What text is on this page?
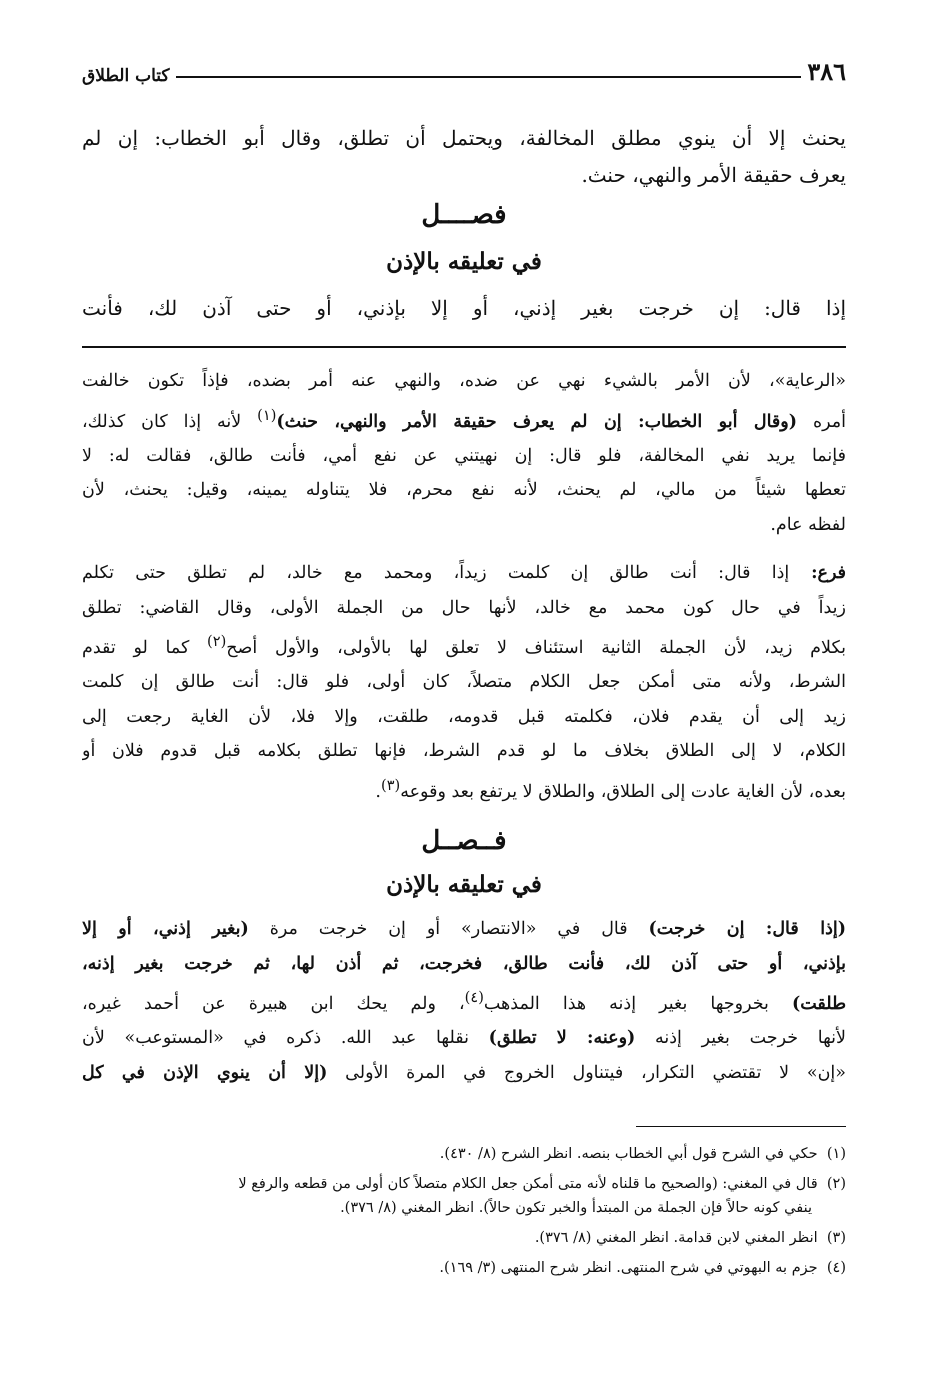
٣٨٦
كتاب الطلاق
يحنث إلا أن ينوي مطلق المخالفة، ويحتمل أن تطلق، وقال أبو الخطاب: إن لم
يعرف حقيقة الأمر والنهي، حنث.
فصــــل
في تعليقه بالإذن
إذا قال: إن خرجت بغير إذني، أو إلا بإذني، أو حتى آذن لك، فأنت
«الرعاية»، لأن الأمر بالشيء نهي عن ضده، والنهي عنه أمر بضده، فإذاً تكون خالفت
أمره (وقال أبو الخطاب: إن لم يعرف حقيقة الأمر والنهي، حنث)$^{(١)}$ لأنه إذا كان كذلك،
فإنما يريد نفي المخالفة، فلو قال: إن نهيتني عن نفع أمي، فأنت طالق، فقالت له: لا
تعطها شيئاً من مالي، لم يحنث، لأنه نفع محرم، فلا يتناوله يمينه، وقيل: يحنث، لأن
لفظه عام.
فرع: إذا قال: أنت طالق إن كلمت زيداً، ومحمد مع خالد، لم تطلق حتى تكلم
زيداً في حال كون محمد مع خالد، لأنها حال من الجملة الأولى، وقال القاضي: تطلق
بكلام زيد، لأن الجملة الثانية استئناف لا تعلق لها بالأولى، والأول أصح$^{(٢)}$ كما لو تقدم
الشرط، ولأنه متى أمكن جعل الكلام متصلاً، كان أولى، فلو قال: أنت طالق إن كلمت
زيد إلى أن يقدم فلان، فكلمته قبل قدومه، طلقت، وإلا فلا، لأن الغاية رجعت إلى
الكلام، لا إلى الطلاق بخلاف ما لو قدم الشرط، فإنها تطلق بكلامه قبل قدوم فلان أو
بعده، لأن الغاية عادت إلى الطلاق، والطلاق لا يرتفع بعد وقوعه$^{(٣)}$.
فــصــل
في تعليقه بالإذن
(إذا قال: إن خرجت) قال في «الانتصار» أو إن خرجت مرة (بغير إذني، أو إلا
بإذني، أو حتى آذن لك، فأنت طالق، فخرجت، ثم أذن لها، ثم خرجت بغير إذنه،
طلقت) بخروجها بغير إذنه هذا المذهب$^{(٤)}$، ولم يحك ابن هبيرة عن أحمد غيره،
لأنها خرجت بغير إذنه (وعنه: لا تطلق) نقلها عبد الله. ذكره في «المستوعب» لأن
«إن» لا تقتضي التكرار، فيتناول الخروج في المرة الأولى (إلا أن ينوي الإذن في كل
(١)  حكي في الشرح قول أبي الخطاب بنصه. انظر الشرح (٨/ ٤٣٠).
(٢)  قال في المغني: (والصحيح ما قلناه لأنه متى أمكن جعل الكلام متصلاً كان أولى من قطعه والرفع لا
ينفي كونه حالاً فإن الجملة من المبتدأ والخبر تكون حالاً). انظر المغني (٨/ ٣٧٦).
(٣)  انظر المغني لابن قدامة. انظر المغني (٨/ ٣٧٦).
(٤)  جزم به البهوتي في شرح المنتهى. انظر شرح المنتهى (٣/ ١٦٩).
